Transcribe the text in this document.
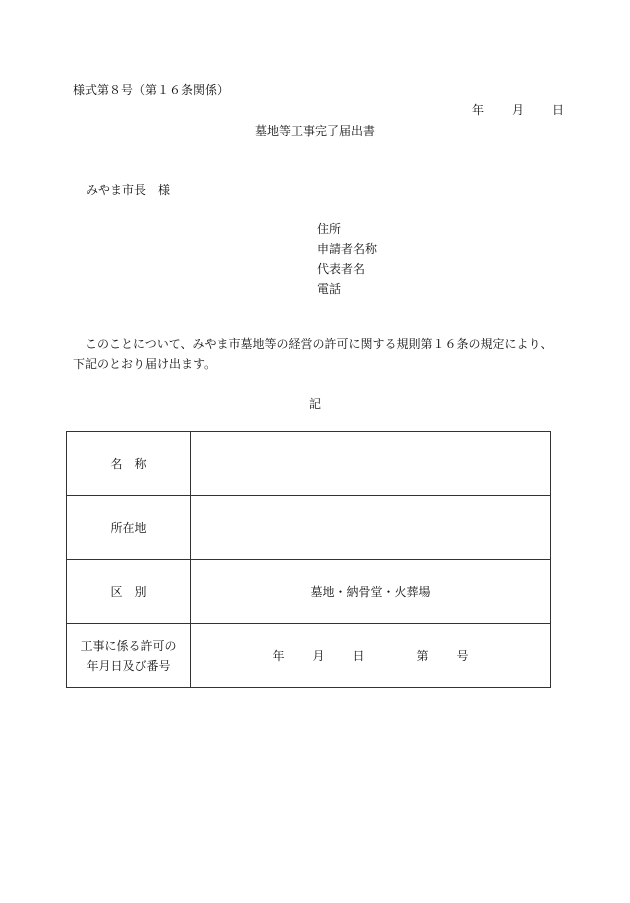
様式第８号（第１６条関係）
年 月 日
墓地等工事完了届出書
みやま市長　様
住所
申請者名称
代表者名
電話
このことについて、みやま市墓地等の経営の許可に関する規則第１６条の規定により、下記のとおり届け出ます。
記
名　称	
所在地	
区　別	墓地・納骨堂・火葬場

工事に係る許可の
年月日及び番号	年 月 日 第 号
